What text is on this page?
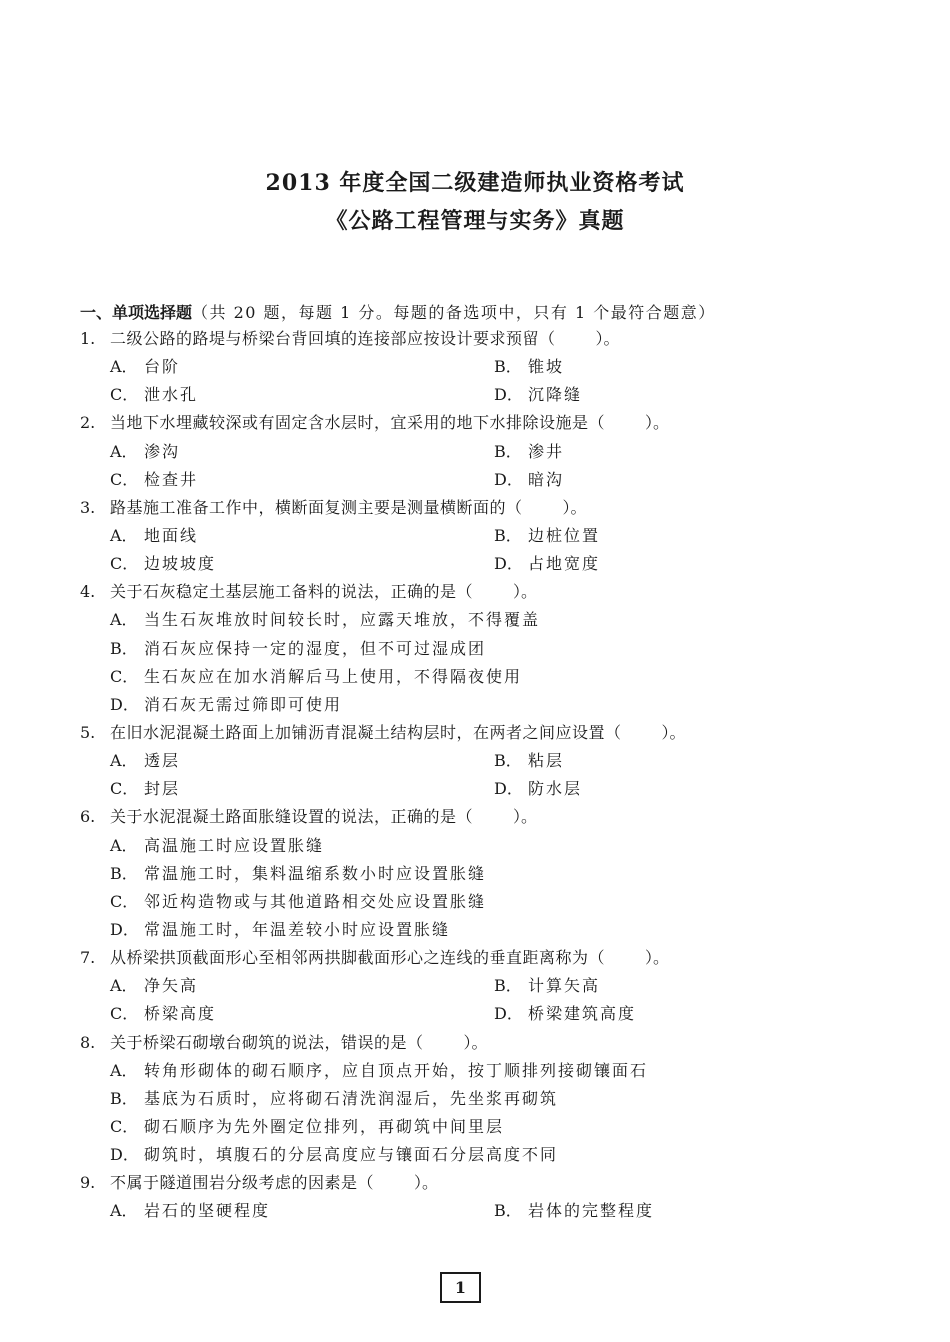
2013 年度全国二级建造师执业资格考试
《公路工程管理与实务》真题
一、单项选择题（共 20 题，每题 1 分。每题的备选项中，只有 1 个最符合题意）
1. 二级公路的路堤与桥梁台背回填的连接部应按设计要求预留（	）。
A． 台阶	B． 锥坡
C． 泄水孔	D． 沉降缝
2. 当地下水埋藏较深或有固定含水层时，宜采用的地下水排除设施是（	）。
A． 渗沟	B． 渗井
C． 检查井	D． 暗沟
3. 路基施工准备工作中，横断面复测主要是测量横断面的（	）。
A． 地面线	B． 边桩位置
C． 边坡坡度	D． 占地宽度
4. 关于石灰稳定土基层施工备料的说法，正确的是（	）。
A． 当生石灰堆放时间较长时，应露天堆放，不得覆盖
B． 消石灰应保持一定的湿度，但不可过湿成团
C． 生石灰应在加水消解后马上使用，不得隔夜使用
D． 消石灰无需过筛即可使用
5. 在旧水泥混凝土路面上加铺沥青混凝土结构层时，在两者之间应设置（	）。
A． 透层	B． 粘层
C． 封层	D． 防水层
6. 关于水泥混凝土路面胀缝设置的说法，正确的是（	）。
A． 高温施工时应设置胀缝
B． 常温施工时，集料温缩系数小时应设置胀缝
C． 邻近构造物或与其他道路相交处应设置胀缝
D． 常温施工时，年温差较小时应设置胀缝
7. 从桥梁拱顶截面形心至相邻两拱脚截面形心之连线的垂直距离称为（	）。
A． 净矢高	B． 计算矢高
C． 桥梁高度	D． 桥梁建筑高度
8. 关于桥梁石砌墩台砌筑的说法，错误的是（	）。
A． 转角形砌体的砌石顺序，应自顶点开始，按丁顺排列接砌镶面石
B． 基底为石质时，应将砌石清洗润湿后，先坐浆再砌筑
C． 砌石顺序为先外圈定位排列，再砌筑中间里层
D． 砌筑时，填腹石的分层高度应与镶面石分层高度不同
9. 不属于隧道围岩分级考虑的因素是（	）。
A． 岩石的坚硬程度	B． 岩体的完整程度
1
